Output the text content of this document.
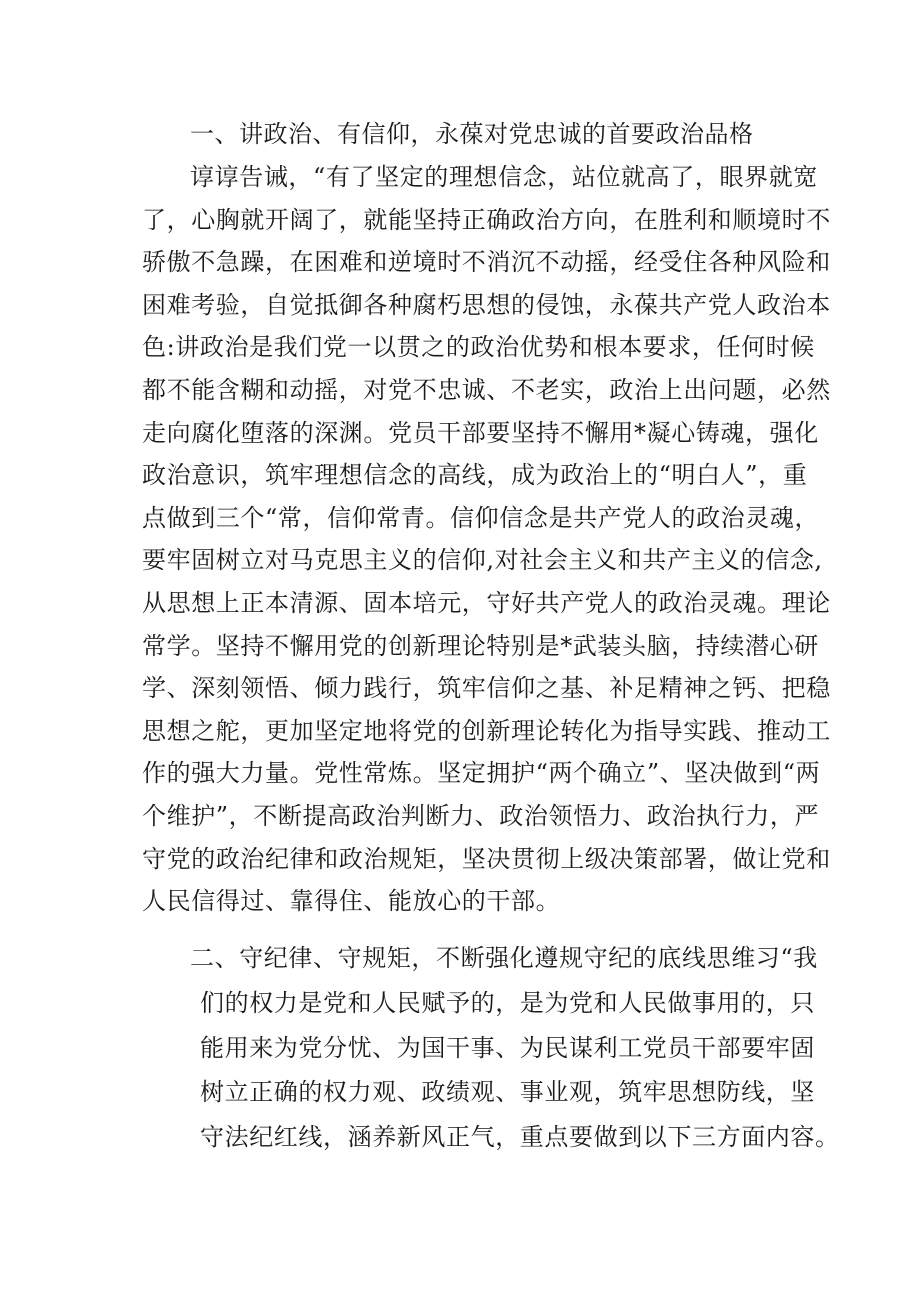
一、讲政治、有信仰，永葆对党忠诚的首要政治品格
谆谆告诫，“有了坚定的理想信念，站位就高了，眼界就宽
了，心胸就开阔了，就能坚持正确政治方向，在胜利和顺境时不
骄傲不急躁，在困难和逆境时不消沉不动摇，经受住各种风险和
困难考验，自觉抵御各种腐朽思想的侵蚀，永葆共产党人政治本
色:讲政治是我们党一以贯之的政治优势和根本要求，任何时候
都不能含糊和动摇，对党不忠诚、不老实，政治上出问题，必然
走向腐化堕落的深渊。党员干部要坚持不懈用*凝心铸魂，强化
政治意识，筑牢理想信念的高线，成为政治上的“明白人”，重
点做到三个“常，信仰常青。信仰信念是共产党人的政治灵魂，
要牢固树立对马克思主义的信仰,对社会主义和共产主义的信念,
从思想上正本清源、固本培元，守好共产党人的政治灵魂。理论
常学。坚持不懈用党的创新理论特别是*武装头脑，持续潜心研
学、深刻领悟、倾力践行，筑牢信仰之基、补足精神之钙、把稳
思想之舵，更加坚定地将党的创新理论转化为指导实践、推动工
作的强大力量。党性常炼。坚定拥护“两个确立”、坚决做到“两
个维护”，不断提高政治判断力、政治领悟力、政治执行力，严
守党的政治纪律和政治规矩，坚决贯彻上级决策部署，做让党和
人民信得过、靠得住、能放心的干部。
二、守纪律、守规矩，不断强化遵规守纪的底线思维习“我
们的权力是党和人民赋予的，是为党和人民做事用的，只
能用来为党分忧、为国干事、为民谋利工党员干部要牢固
树立正确的权力观、政绩观、事业观，筑牢思想防线，坚
守法纪红线，涵养新风正气，重点要做到以下三方面内容。
